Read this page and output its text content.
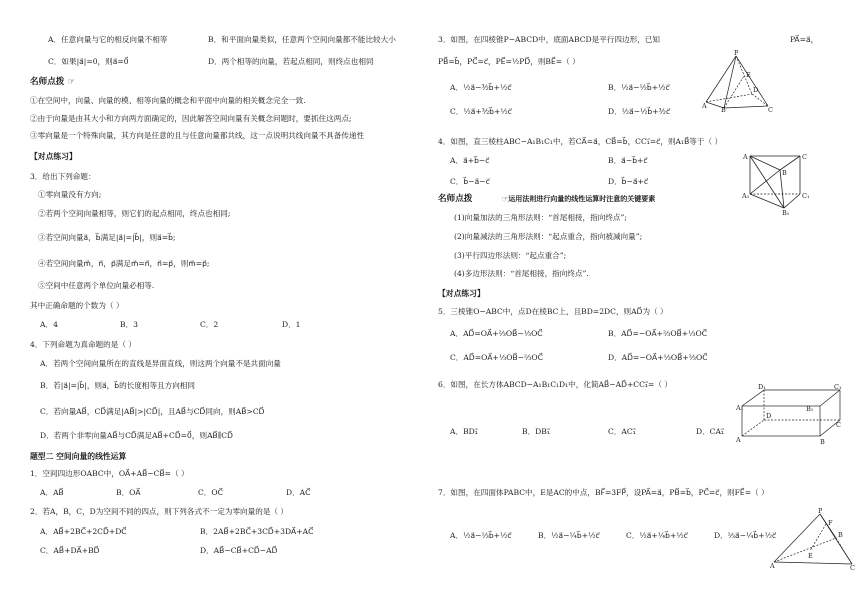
A．任意向量与它的相反向量不相等	B．和平面向量类似，任意两个空间向量都不能比较大小
C．如果|a⃗|=0，则a⃗=0⃗	D．两个相等的向量，若起点相同，则终点也相同
名师点拨 ☞
①在空间中，向量、向量的模、相等向量的概念和平面中向量的相关概念完全一致.
②由于向量是由其大小和方向两方面确定的，因此解答空间向量有关概念问题时，要抓住这两点;
③零向量是一个特殊向量，其方向是任意的且与任意向量都共线，这一点说明共线向量不具备传递性
【对点练习】
3．给出下列命题：
①零向量没有方向;
②若两个空间向量相等，则它们的起点相同，终点也相同;
③若空间向量a⃗，b⃗满足|a⃗|=|b⃗|，则a⃗=b⃗;
④若空间向量m⃗，n⃗，p⃗满足m⃗=n⃗，n⃗=p⃗，则m⃗=p⃗;
⑤空间中任意两个单位向量必相等.
其中正确命题的个数为（ ）
A．4	B．3	C．2	D．1
4．下列命题为真命题的是（ ）
A．若两个空间向量所在的直线是异面直线，则这两个向量不是共面向量
B．若|a⃗|=|b⃗|，则a⃗，b⃗的长度相等且方向相同
C．若向量AB⃗，CD⃗满足|AB⃗|>|CD⃗|，且AB⃗与CD⃗同向，则AB⃗>CD⃗
D．若两个非零向量AB⃗与CD⃗满足AB⃗+CD⃗=0⃗，则AB⃗∥CD⃗
题型二 空间向量的线性运算
1．空间四边形OABC中，OA⃗+AB⃗−CB⃗=（ ）
A．AB⃗	B．OA⃗	C．OC⃗	D．AC⃗
2．若A，B，C，D为空间不同的四点，则下列各式不一定为零向量的是（ ）
A．AB⃗+2BC⃗+2CD⃗+DC⃗	B．2AB⃗+2BC⃗+3CD⃗+3DA⃗+AC⃗
C．AB⃗+DA⃗+BD⃗	D．AB⃗−CB⃗+CD⃗−AD⃗
3．如图，在四棱锥P−ABCD中，底面ABCD是平行四边形，已知	PA⃗=a⃗，
PB⃗=b⃗，PC⃗=c⃗，PE⃗=½PD⃗，则BE⃗=（ ）
A．½a⃗−³⁄₂b⃗+½c⃗	B．½a⃗−½b⃗+½c⃗
C．½a⃗+³⁄₂b⃗+½c⃗	D．½a⃗−½b⃗+³⁄₂c⃗
4．如图，直三棱柱ABC−A₁B₁C₁中，若CA⃗=a⃗，CB⃗=b⃗，CC₁⃗=c⃗，则A₁B⃗等于（ ）
A．a⃗+b⃗−c⃗	B．a⃗−b⃗+c⃗
C．b⃗−a⃗−c⃗	D．b⃗−a⃗+c⃗
名师点拨	☞运用法则进行向量的线性运算时注意的关键要素
(1)向量加法的三角形法则：“首尾相接，指向终点”;
(2)向量减法的三角形法则：“起点重合，指向被减向量”;
(3)平行四边形法则：“起点重合”;
(4)多边形法则：“首尾相接，指向终点”.
【对点练习】
5．三棱锥O−ABC中，点D在棱BC上，且BD=2DC，则AD⃗为（ ）
A．AD⃗=OA⃗+⅔OB⃗−⅓OC⃗	B．AD⃗=−OA⃗+⅔OB⃗+⅓OC⃗
C．AD⃗=OA⃗+⅓OB⃗−⅔OC⃗	D．AD⃗=−OA⃗+⅓OB⃗+⅔OC⃗
6．如图，在长方体ABCD−A₁B₁C₁D₁中，化简AB⃗−AD⃗+CC₁⃗=（ ）
A．BD₁⃗	B．DB₁⃗	C．AC₁⃗	D．CA₁⃗
7．如图，在四面体PABC中，E是AC的中点，BF⃗=3FP⃗，设PA⃗=a⃗，PB⃗=b⃗，PC⃗=c⃗，则FE⃗=（ ）
A．½a⃗−⅓b⃗+½c⃗	B．½a⃗−¼b⃗+½c⃗	C．½a⃗+¼b⃗+½c⃗	D．⅔a⃗−¼b⃗+½c⃗
P
E
A B	C
D
A	C
B
A₁
B₁
C₁
D₁	C₁
A₁	B₁
D
C
A	B
P
F
A
E
B
C
